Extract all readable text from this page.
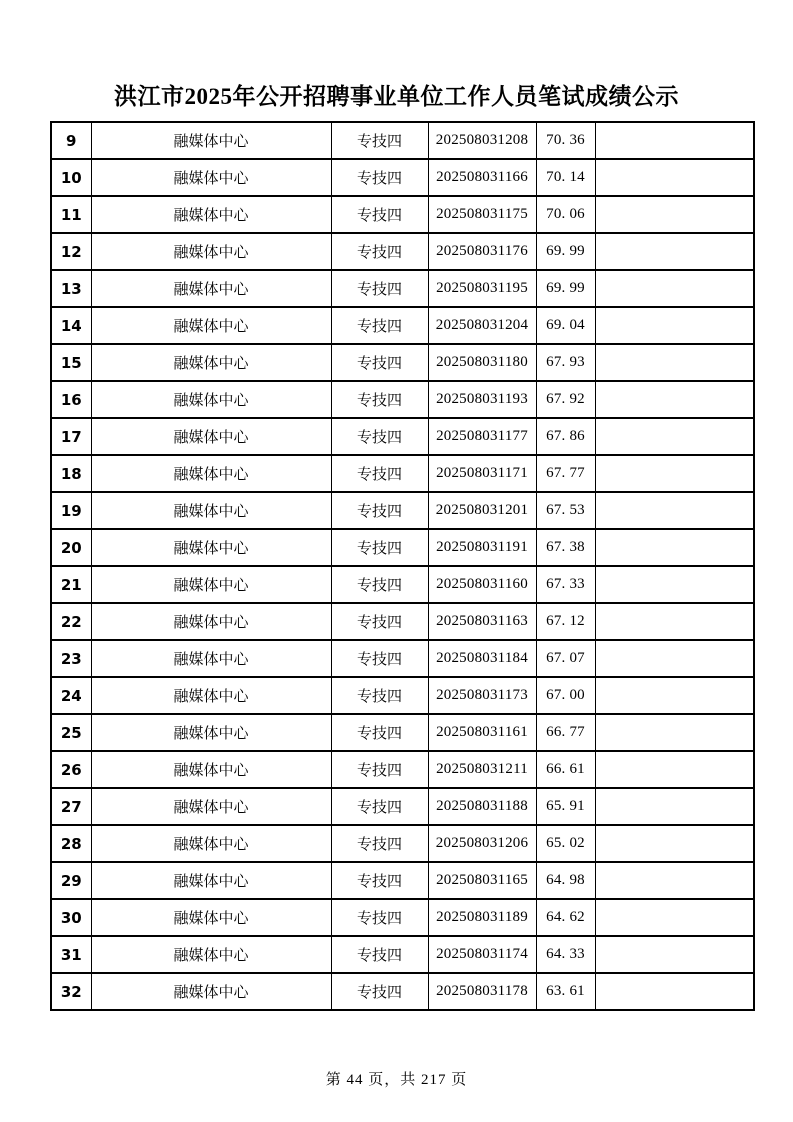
洪江市2025年公开招聘事业单位工作人员笔试成绩公示
9	融媒体中心	专技四	202508031208	70. 36	
10	融媒体中心	专技四	202508031166	70. 14	
11	融媒体中心	专技四	202508031175	70. 06	
12	融媒体中心	专技四	202508031176	69. 99	
13	融媒体中心	专技四	202508031195	69. 99	
14	融媒体中心	专技四	202508031204	69. 04	
15	融媒体中心	专技四	202508031180	67. 93	
16	融媒体中心	专技四	202508031193	67. 92	
17	融媒体中心	专技四	202508031177	67. 86	
18	融媒体中心	专技四	202508031171	67. 77	
19	融媒体中心	专技四	202508031201	67. 53	
20	融媒体中心	专技四	202508031191	67. 38	
21	融媒体中心	专技四	202508031160	67. 33	
22	融媒体中心	专技四	202508031163	67. 12	
23	融媒体中心	专技四	202508031184	67. 07	
24	融媒体中心	专技四	202508031173	67. 00	
25	融媒体中心	专技四	202508031161	66. 77	
26	融媒体中心	专技四	202508031211	66. 61	
27	融媒体中心	专技四	202508031188	65. 91	
28	融媒体中心	专技四	202508031206	65. 02	
29	融媒体中心	专技四	202508031165	64. 98	
30	融媒体中心	专技四	202508031189	64. 62	
31	融媒体中心	专技四	202508031174	64. 33	
32	融媒体中心	专技四	202508031178	63. 61	
第 44 页，共 217 页
